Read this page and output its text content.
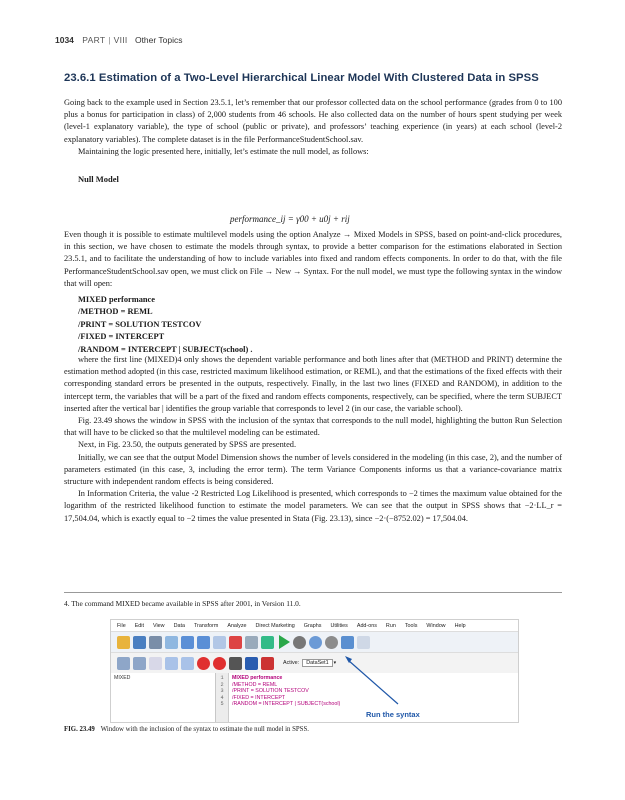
1034 PART | VIII Other Topics
23.6.1 Estimation of a Two-Level Hierarchical Linear Model With Clustered Data in SPSS

Going back to the example used in Section 23.5.1, let’s remember that our professor collected data on the school performance (grades from 0 to 100 plus a bonus for participation in class) of 2,000 students from 46 schools. He also collected data on the number of hours spent studying per week (level-1 explanatory variable), the type of school (public or private), and professors’ teaching experience (in years) at each school (level-2 explanatory variables). The complete dataset is in the file PerformanceStudentSchool.sav.

Maintaining the logic presented here, initially, let’s estimate the null model, as follows:

Null Model
performance_ij = γ00 + u0j + rij

Even though it is possible to estimate multilevel models using the option Analyze → Mixed Models in SPSS, based on point-and-click procedures, in this section, we have chosen to estimate the models through syntax, to provide a better comparison for the estimations elaborated in Section 23.5.1, and to facilitate the understanding of how to include variables into fixed and random effects components. In order to do that, with the file PerformanceStudentSchool.sav open, we must click on File → New → Syntax. For the null model, we must type the following syntax in the window that will open:

MIXED performance
/METHOD = REML
/PRINT = SOLUTION TESTCOV
/FIXED = INTERCEPT
/RANDOM = INTERCEPT | SUBJECT(school) .

where the first line (MIXED)4 only shows the dependent variable performance and both lines after that (METHOD and PRINT) determine the estimation method adopted (in this case, restricted maximum likelihood estimation, or REML), and that the estimations of the fixed effects with their corresponding standard errors be presented in the outputs, respectively. Finally, in the last two lines (FIXED and RANDOM), in addition to the intercept term, the variables that will be a part of the fixed and random effects components, respectively, can be specified, where the term SUBJECT inserted after the vertical bar | identifies the group variable that corresponds to level 2 (in our case, the variable school).

Fig. 23.49 shows the window in SPSS with the inclusion of the syntax that corresponds to the null model, highlighting the button Run Selection that will have to be clicked so that the multilevel modeling can be estimated.

Next, in Fig. 23.50, the outputs generated by SPSS are presented.

Initially, we can see that the output Model Dimension shows the number of levels considered in the modeling (in this case, 2), and the number of parameters estimated (in this case, 3, including the error term). The term Variance Components informs us that a variance-covariance matrix structure with independent random effects is being considered.

In Information Criteria, the value -2 Restricted Log Likelihood is presented, which corresponds to −2 times the maximum value obtained for the logarithm of the restricted likelihood function to estimate the model parameters. We can see that the output in SPSS shows that −2·LL_r = 17,504.04, which is exactly equal to −2 times the value presented in Stata (Fig. 23.13), since −2·(−8752.02) = 17,504.04.

4. The command MIXED became available in SPSS after 2001, in Version 11.0.
File Edit View Data Transform Analyze Direct Marketing Graphs Utilities Add-ons Run Tools Window Help
Active:	DataSet1	▾
MIXED	1
2
3
4
5
MIXED performance
/METHOD = REML
/PRINT = SOLUTION TESTCOV
/FIXED = INTERCEPT
/RANDOM = INTERCEPT | SUBJECT(school)
Run the syntax
FIG. 23.49 Window with the inclusion of the syntax to estimate the null model in SPSS.
